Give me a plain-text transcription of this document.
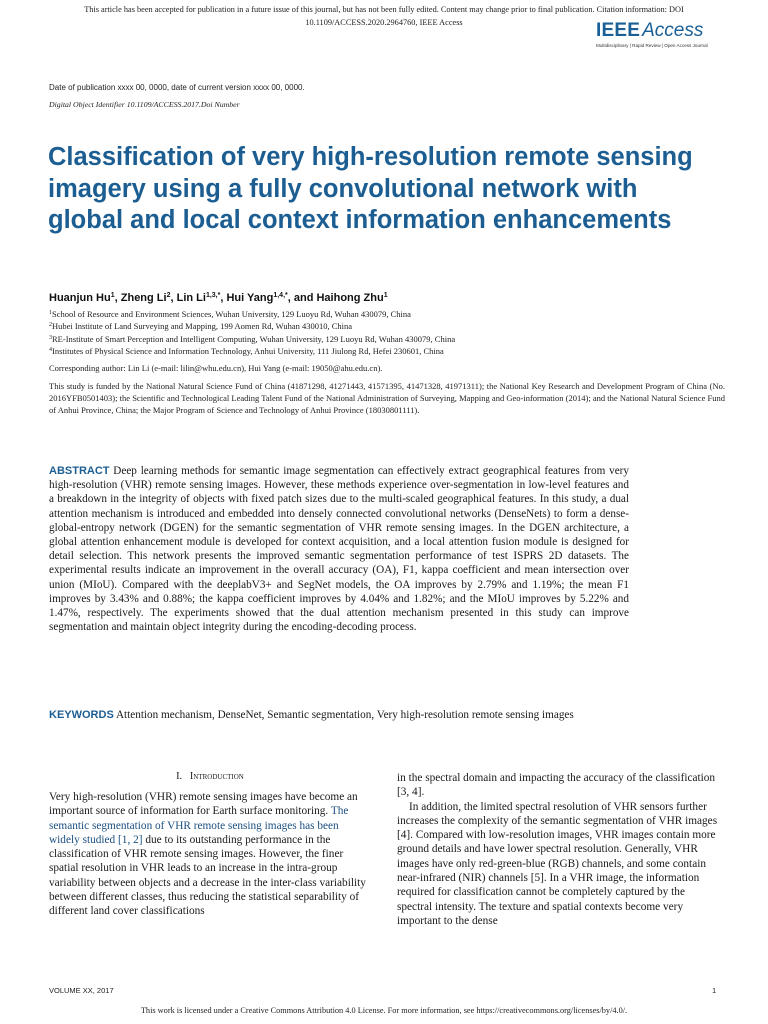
This article has been accepted for publication in a future issue of this journal, but has not been fully edited. Content may change prior to final publication. Citation information: DOI
10.1109/ACCESS.2020.2964760, IEEE Access	IEEE Access
Multidisciplinary | Rapid Review | Open Access Journal
Date of publication xxxx 00, 0000, date of current version xxxx 00, 0000.
Digital Object Identifier 10.1109/ACCESS.2017.Doi Number
Classification of very high-resolution remote sensing imagery using a fully convolutional network with global and local context information enhancements
Huanjun Hu$^1$, Zheng Li$^2$, Lin $Li^{1,3,*}$, Hui Yang$^{1,4,*}$, and Haihong Zhu$^1$
$^1$School of Resource and Environment Sciences, Wuhan University, 129 Luoyu Rd, Wuhan 430079, China
$^2$Hubei Institute of Land Surveying and Mapping, 199 Aomen Rd, Wuhan 430010, China
$^3$RE-Institute of Smart Perception and Intelligent Computing, Wuhan University, 129 Luoyu Rd, Wuhan 430079, China
$^4$Institutes of Physical Science and Information Technology, Anhui University, 111 Jiulong Rd, Hefei 230601, China
Corresponding author: Lin Li (e-mail: lilin@whu.edu.cn), Hui Yang (e-mail: 19050@ahu.edu.cn).
This study is funded by the National Natural Science Fund of China (41871298, 41271443, 41571395, 41471328, 41971311); the National Key Research and Development Program of China (No. 2016YFB0501403); the Scientific and Technological Leading Talent Fund of the National Administration of Surveying, Mapping and Geo-information (2014); and the National Natural Science Fund of Anhui Province, China; the Major Program of Science and Technology of Anhui Province (18030801111).
ABSTRACT Deep learning methods for semantic image segmentation can effectively extract geographical features from very high-resolution (VHR) remote sensing images. However, these methods experience over-segmentation in low-level features and a breakdown in the integrity of objects with fixed patch sizes due to the multi-scaled geographical features. In this study, a dual attention mechanism is introduced and embedded into densely connected convolutional networks (DenseNets) to form a dense-global-entropy network (DGEN) for the semantic segmentation of VHR remote sensing images. In the DGEN architecture, a global attention enhancement module is developed for context acquisition, and a local attention fusion module is designed for detail selection. This network presents the improved semantic segmentation performance of test ISPRS 2D datasets. The experimental results indicate an improvement in the overall accuracy (OA), F1, kappa coefficient and mean intersection over union (MIoU). Compared with the deeplabV3+ and SegNet models, the OA improves by 2.79% and 1.19%; the mean F1 improves by 3.43% and 0.88%; the kappa coefficient improves by 4.04% and 1.82%; and the MIoU improves by 5.22% and 1.47%, respectively. The experiments showed that the dual attention mechanism presented in this study can improve segmentation and maintain object integrity during the encoding-decoding process.
KEYWORDS Attention mechanism, DenseNet, Semantic segmentation, Very high-resolution remote sensing images
I. Introduction

Very high-resolution (VHR) remote sensing images have become an important source of information for Earth surface monitoring. The semantic segmentation of VHR remote sensing images has been widely studied [1, 2] due to its outstanding performance in the classification of VHR remote sensing images. However, the finer spatial resolution in VHR leads to an increase in the intra-group variability between objects and a decrease in the inter-class variability between different classes, thus reducing the statistical separability of different land cover classifications

in the spectral domain and impacting the accuracy of the classification [3, 4].

In addition, the limited spectral resolution of VHR sensors further increases the complexity of the semantic segmentation of VHR images [4]. Compared with low-resolution images, VHR images contain more ground details and have lower spectral resolution. Generally, VHR images have only red-green-blue (RGB) channels, and some contain near-infrared (NIR) channels [5]. In a VHR image, the information required for classification cannot be completely captured by the spectral intensity. The texture and spatial contexts become very important to the dense

VOLUME XX, 2017	1
This work is licensed under a Creative Commons Attribution 4.0 License. For more information, see https://creativecommons.org/licenses/by/4.0/.
